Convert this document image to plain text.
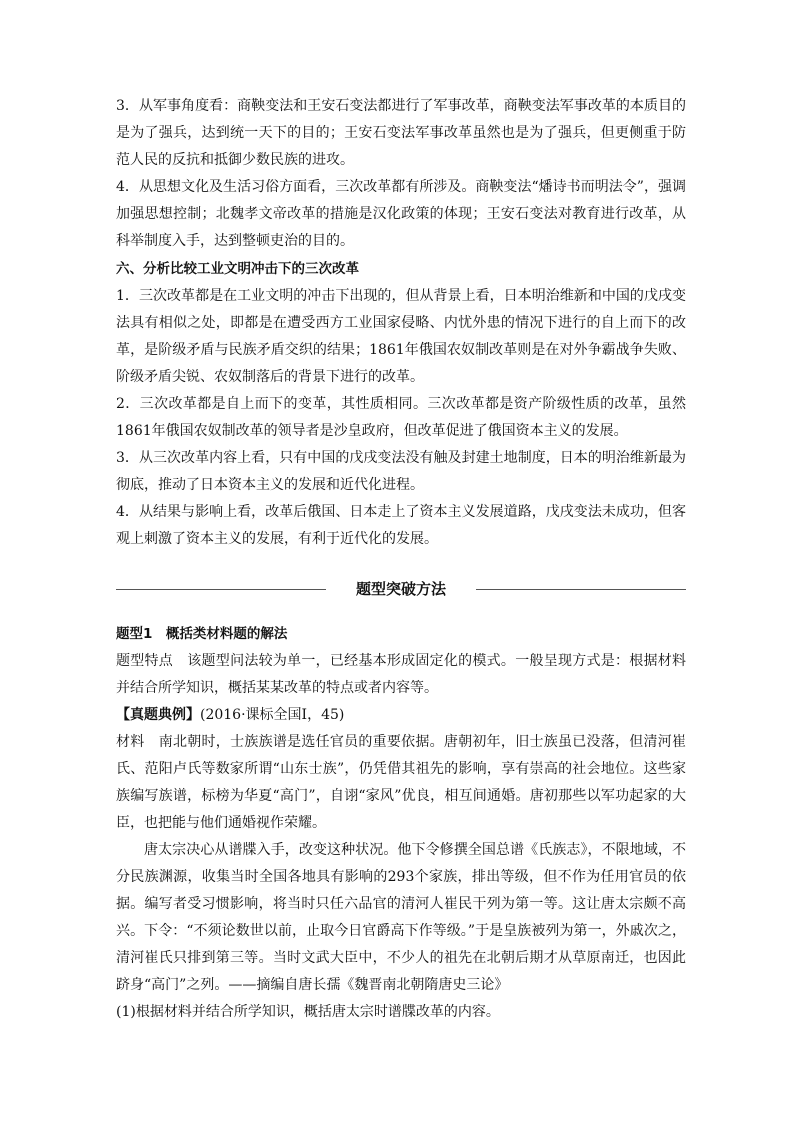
3．从军事角度看：商鞅变法和王安石变法都进行了军事改革，商鞅变法军事改革的本质目的是为了强兵，达到统一天下的目的；王安石变法军事改革虽然也是为了强兵，但更侧重于防范人民的反抗和抵御少数民族的进攻。

4．从思想文化及生活习俗方面看，三次改革都有所涉及。商鞅变法“燔诗书而明法令”，强调加强思想控制；北魏孝文帝改革的措施是汉化政策的体现；王安石变法对教育进行改革，从科举制度入手，达到整顿吏治的目的。

六、分析比较工业文明冲击下的三次改革

1．三次改革都是在工业文明的冲击下出现的，但从背景上看，日本明治维新和中国的戊戌变法具有相似之处，即都是在遭受西方工业国家侵略、内忧外患的情况下进行的自上而下的改革，是阶级矛盾与民族矛盾交织的结果；1861年俄国农奴制改革则是在对外争霸战争失败、阶级矛盾尖锐、农奴制落后的背景下进行的改革。

2．三次改革都是自上而下的变革，其性质相同。三次改革都是资产阶级性质的改革，虽然1861年俄国农奴制改革的领导者是沙皇政府，但改革促进了俄国资本主义的发展。

3．从三次改革内容上看，只有中国的戊戌变法没有触及封建土地制度，日本的明治维新最为彻底，推动了日本资本主义的发展和近代化进程。

4．从结果与影响上看，改革后俄国、日本走上了资本主义发展道路，戊戌变法未成功，但客观上刺激了资本主义的发展，有利于近代化的发展。

题型突破方法

题型1　概括类材料题的解法

题型特点　 该题型问法较为单一，已经基本形成固定化的模式。一般呈现方式是：根据材料并结合所学知识，概括某某改革的特点或者内容等。

【真题典例】(2016·课标全国Ⅰ，45)

材料　 南北朝时，士族族谱是选任官员的重要依据。唐朝初年，旧士族虽已没落，但清河崔氏、范阳卢氏等数家所谓“山东士族”，仍凭借其祖先的影响，享有崇高的社会地位。这些家族编写族谱，标榜为华夏“高门”，自诩“家风”优良，相互间通婚。唐初那些以军功起家的大臣，也把能与他们通婚视作荣耀。

唐太宗决心从谱牒入手，改变这种状况。他下令修撰全国总谱《氏族志》，不限地域，不分民族渊源，收集当时全国各地具有影响的293个家族，排出等级，但不作为任用官员的依据。编写者受习惯影响，将当时只任六品官的清河人崔民干列为第一等。这让唐太宗颇不高兴。下令：“不须论数世以前，止取今日官爵高下作等级。”于是皇族被列为第一，外戚次之，清河崔氏只排到第三等。当时文武大臣中，不少人的祖先在北朝后期才从草原南迁，也因此跻身“高门”之列。——摘编自唐长孺《魏晋南北朝隋唐史三论》

(1)根据材料并结合所学知识，概括唐太宗时谱牒改革的内容。
